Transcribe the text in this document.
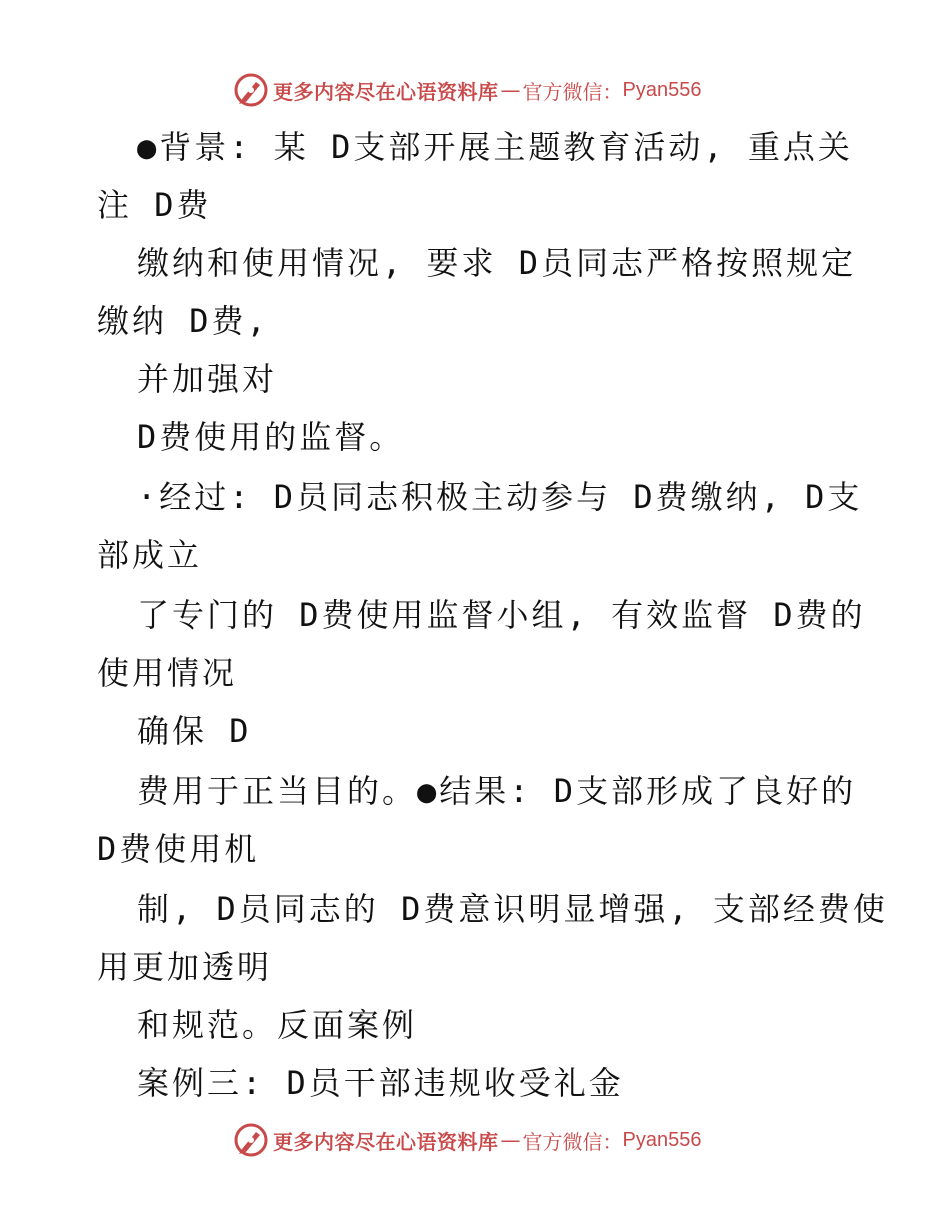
更多内容尽在心语资料库 — 官方微信： Pyan556
●背景: 某 D支部开展主题教育活动, 重点关
注 D费
缴纳和使用情况, 要求 D员同志严格按照规定
缴纳 D费,
并加强对
D费使用的监督。
·经过: D员同志积极主动参与 D费缴纳, D支
部成立
了专门的 D费使用监督小组, 有效监督 D费的
使用情况
确保 D
费用于正当目的。●结果: D支部形成了良好的
D费使用机
制, D员同志的 D费意识明显增强, 支部经费使
用更加透明
和规范。反面案例
案例三: D员干部违规收受礼金
更多内容尽在心语资料库 — 官方微信： Pyan556
